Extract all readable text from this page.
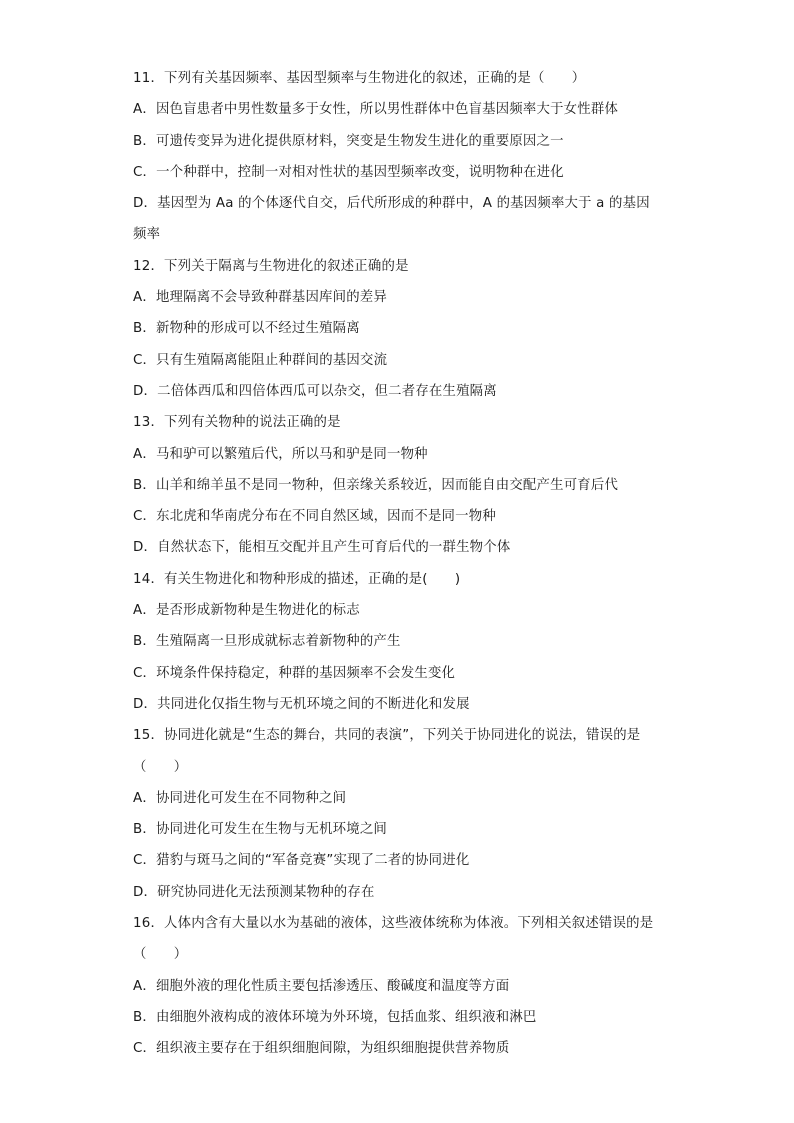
11．下列有关基因频率、基因型频率与生物进化的叙述，正确的是（　　）
A．因色盲患者中男性数量多于女性，所以男性群体中色盲基因频率大于女性群体
B．可遗传变异为进化提供原材料，突变是生物发生进化的重要原因之一
C．一个种群中，控制一对相对性状的基因型频率改变，说明物种在进化
D．基因型为 Aa 的个体逐代自交，后代所形成的种群中，A 的基因频率大于 a 的基因
频率
12．下列关于隔离与生物进化的叙述正确的是
A．地理隔离不会导致种群基因库间的差异
B．新物种的形成可以不经过生殖隔离
C．只有生殖隔离能阻止种群间的基因交流
D．二倍体西瓜和四倍体西瓜可以杂交，但二者存在生殖隔离
13．下列有关物种的说法正确的是
A．马和驴可以繁殖后代，所以马和驴是同一物种
B．山羊和绵羊虽不是同一物种，但亲缘关系较近，因而能自由交配产生可育后代
C．东北虎和华南虎分布在不同自然区域，因而不是同一物种
D．自然状态下，能相互交配并且产生可育后代的一群生物个体
14．有关生物进化和物种形成的描述，正确的是(　　)
A．是否形成新物种是生物进化的标志
B．生殖隔离一旦形成就标志着新物种的产生
C．环境条件保持稳定，种群的基因频率不会发生变化
D．共同进化仅指生物与无机环境之间的不断进化和发展
15．协同进化就是“生态的舞台，共同的表演”，下列关于协同进化的说法，错误的是
（　　）
A．协同进化可发生在不同物种之间
B．协同进化可发生在生物与无机环境之间
C．猎豹与斑马之间的“军备竞赛”实现了二者的协同进化
D．研究协同进化无法预测某物种的存在
16．人体内含有大量以水为基础的液体，这些液体统称为体液。下列相关叙述错误的是
（　　）
A．细胞外液的理化性质主要包括渗透压、酸碱度和温度等方面
B．由细胞外液构成的液体环境为外环境，包括血浆、组织液和淋巴
C．组织液主要存在于组织细胞间隙，为组织细胞提供营养物质
